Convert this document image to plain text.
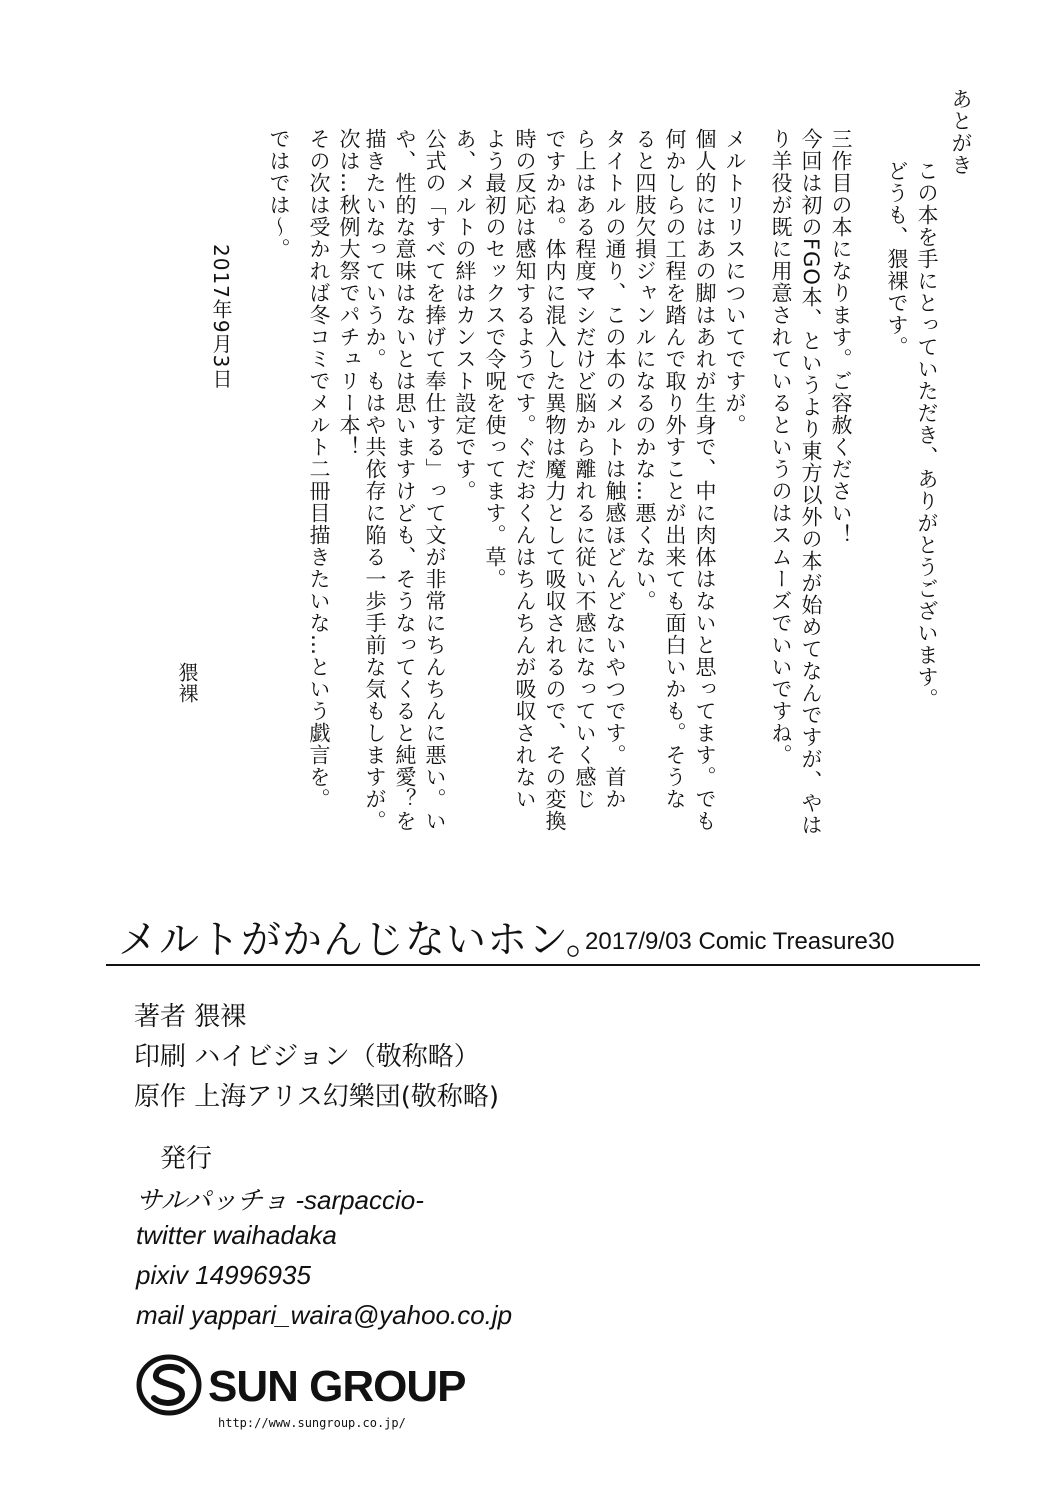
あとがき
この本を手にとっていただき、ありがとうございます。
どうも、猥裸です。
三作目の本になります。ご容赦ください！
今回は初のFGO本、というより東方以外の本が始めてなんですが、やは
り羊役が既に用意されているというのはスムーズでいいですね。
メルトリリスについてですが。
個人的にはあの脚はあれが生身で、中に肉体はないと思ってます。でも
何かしらの工程を踏んで取り外すことが出来ても面白いかも。そうな
ると四肢欠損ジャンルになるのかな…悪くない。
タイトルの通り、この本のメルトは触感ほどんどないやつです。首か
ら上はある程度マシだけど脳から離れるに従い不感になっていく感じ
ですかね。体内に混入した異物は魔力として吸収されるので、その変換
時の反応は感知するようです。ぐだおくんはちんちんが吸収されない
よう最初のセックスで令呪を使ってます。草。
あ、メルトの絆はカンスト設定です。
公式の「すべてを捧げて奉仕する」って文が非常にちんちんに悪い。い
や、性的な意味はないとは思いますけども、そうなってくると純愛？を
描きたいなっていうか。もはや共依存に陥る一歩手前な気もしますが。
次は…秋例大祭でパチュリー本！
その次は受かれば冬コミでメルト二冊目描きたいな…という戯言を。
ではでは～。
2017年9月3日
猥裸
メルトがかんじないホン。
2017/9/03 Comic Treasure30
著者 猥裸
印刷 ハイビジョン（敬称略）
原作 上海アリス幻樂団(敬称略)
発行
サルパッチョ -sarpaccio-
twitter waihadaka
pixiv 14996935
mail yappari_waira@yahoo.co.jp
SUN GROUP
http://www.sungroup.co.jp/
